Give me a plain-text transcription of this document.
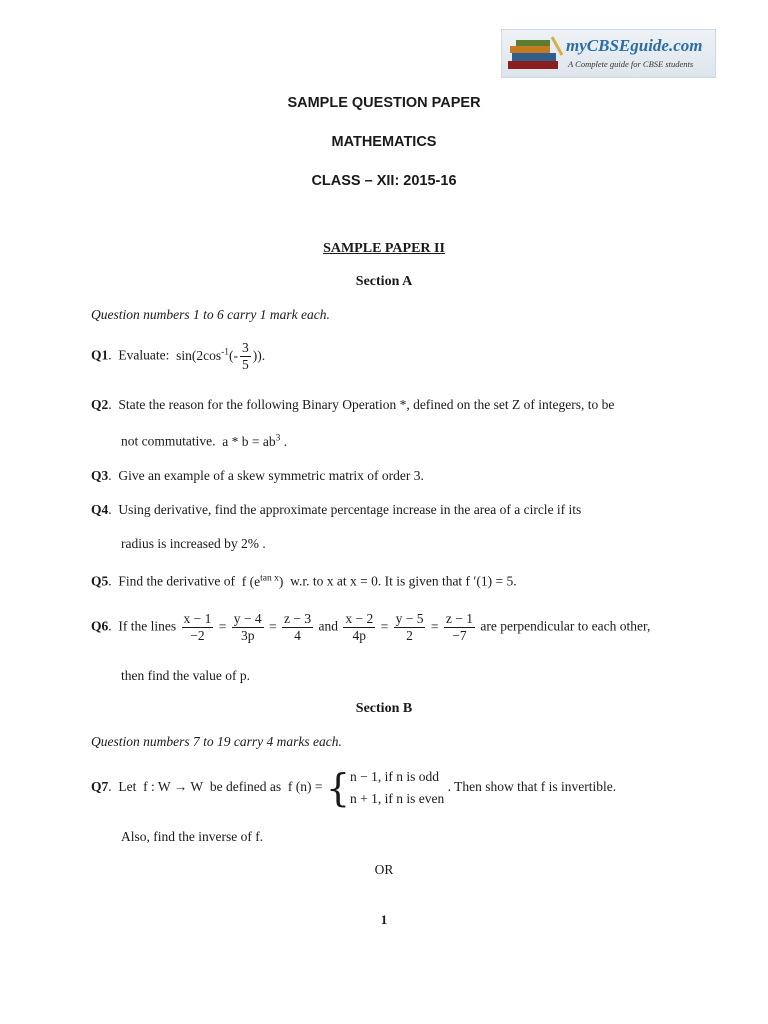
myCBSEguide.com
A Complete guide for CBSE students
SAMPLE QUESTION PAPER
MATHEMATICS
CLASS – XII: 2015-16
SAMPLE PAPER II
Section A
Question numbers 1 to 6 carry 1 mark each.
Q1.  Evaluate: $\sin(2\cos^{-1}(- \frac{3}{5}$ )).
Q2.  State the reason for the following Binary Operation *, defined on the set Z of integers, to be
not commutative.  $a * b = ab^3$ .
Q3.  Give an example of a skew symmetric matrix of order 3.
Q4.  Using derivative, find the approximate percentage increase in the area of a circle if its
radius is increased by 2% .
Q5.  Find the derivative of  f $(e^{tan x})$  w.r. to x at x = 0. It is given that f ′(1) = 5.
Q6.  If the lines $\frac{x - 1}{-2} = \frac{y - 4}{3p} = \frac{z - 3}{4}$ and $\frac{x - 2}{4p} = \frac{y - 5}{2} = \frac{z - 1}{-7}$ are perpendicular to each other,
then find the value of p.
Section B
Question numbers 7 to 19 carry 4 marks each.
Q7.  Let  f : W → W  be defined as  f (n) = { n − 1, if n is odd
n + 1, if n is even
. Then show that f is invertible.
Also, find the inverse of f.
OR
1
